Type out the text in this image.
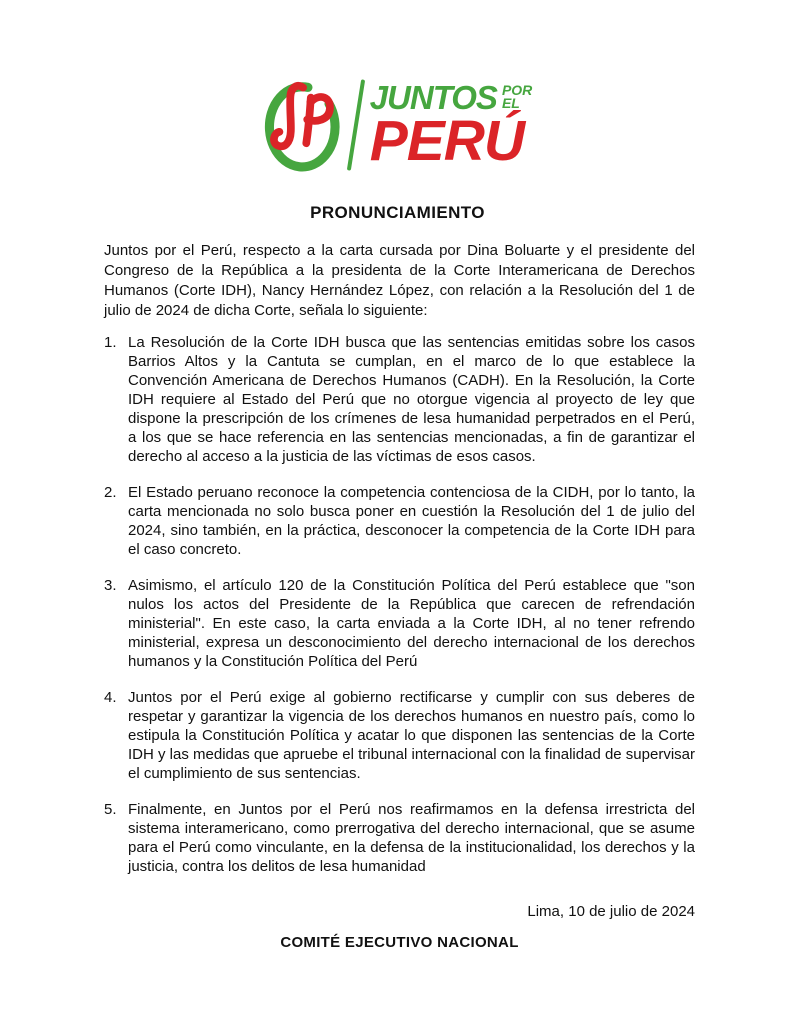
JUNTOS POR
EL
PERÚ
PRONUNCIAMIENTO

Juntos por el Perú, respecto a la carta cursada por Dina Boluarte y el presidente del Congreso de la República a la presidenta de la Corte Interamericana de Derechos Humanos (Corte IDH), Nancy Hernández López, con relación a la Resolución del 1 de julio de 2024 de dicha Corte, señala lo siguiente:

1. La Resolución de la Corte IDH busca que las sentencias emitidas sobre los casos Barrios Altos y la Cantuta se cumplan, en el marco de lo que establece la Convención Americana de Derechos Humanos (CADH). En la Resolución, la Corte IDH requiere al Estado del Perú que no otorgue vigencia al proyecto de ley que dispone la prescripción de los crímenes de lesa humanidad perpetrados en el Perú, a los que se hace referencia en las sentencias mencionadas, a fin de garantizar el derecho al acceso a la justicia de las víctimas de esos casos.

2. El Estado peruano reconoce la competencia contenciosa de la CIDH, por lo tanto, la carta mencionada no solo busca poner en cuestión la Resolución del 1 de julio del 2024, sino también, en la práctica, desconocer la competencia de la Corte IDH para el caso concreto.

3. Asimismo, el artículo 120 de la Constitución Política del Perú establece que "son nulos los actos del Presidente de la República que carecen de refrendación ministerial". En este caso, la carta enviada a la Corte IDH, al no tener refrendo ministerial, expresa un desconocimiento del derecho internacional de los derechos humanos y la Constitución Política del Perú

4. Juntos por el Perú exige al gobierno rectificarse y cumplir con sus deberes de respetar y garantizar la vigencia de los derechos humanos en nuestro país, como lo estipula la Constitución Política y acatar lo que disponen las sentencias de la Corte IDH y las medidas que apruebe el tribunal internacional con la finalidad de supervisar el cumplimiento de sus sentencias.

5. Finalmente, en Juntos por el Perú nos reafirmamos en la defensa irrestricta del sistema interamericano, como prerrogativa del derecho internacional, que se asume para el Perú como vinculante, en la defensa de la institucionalidad, los derechos y la justicia, contra los delitos de lesa humanidad

Lima, 10 de julio de 2024

COMITÉ EJECUTIVO NACIONAL
